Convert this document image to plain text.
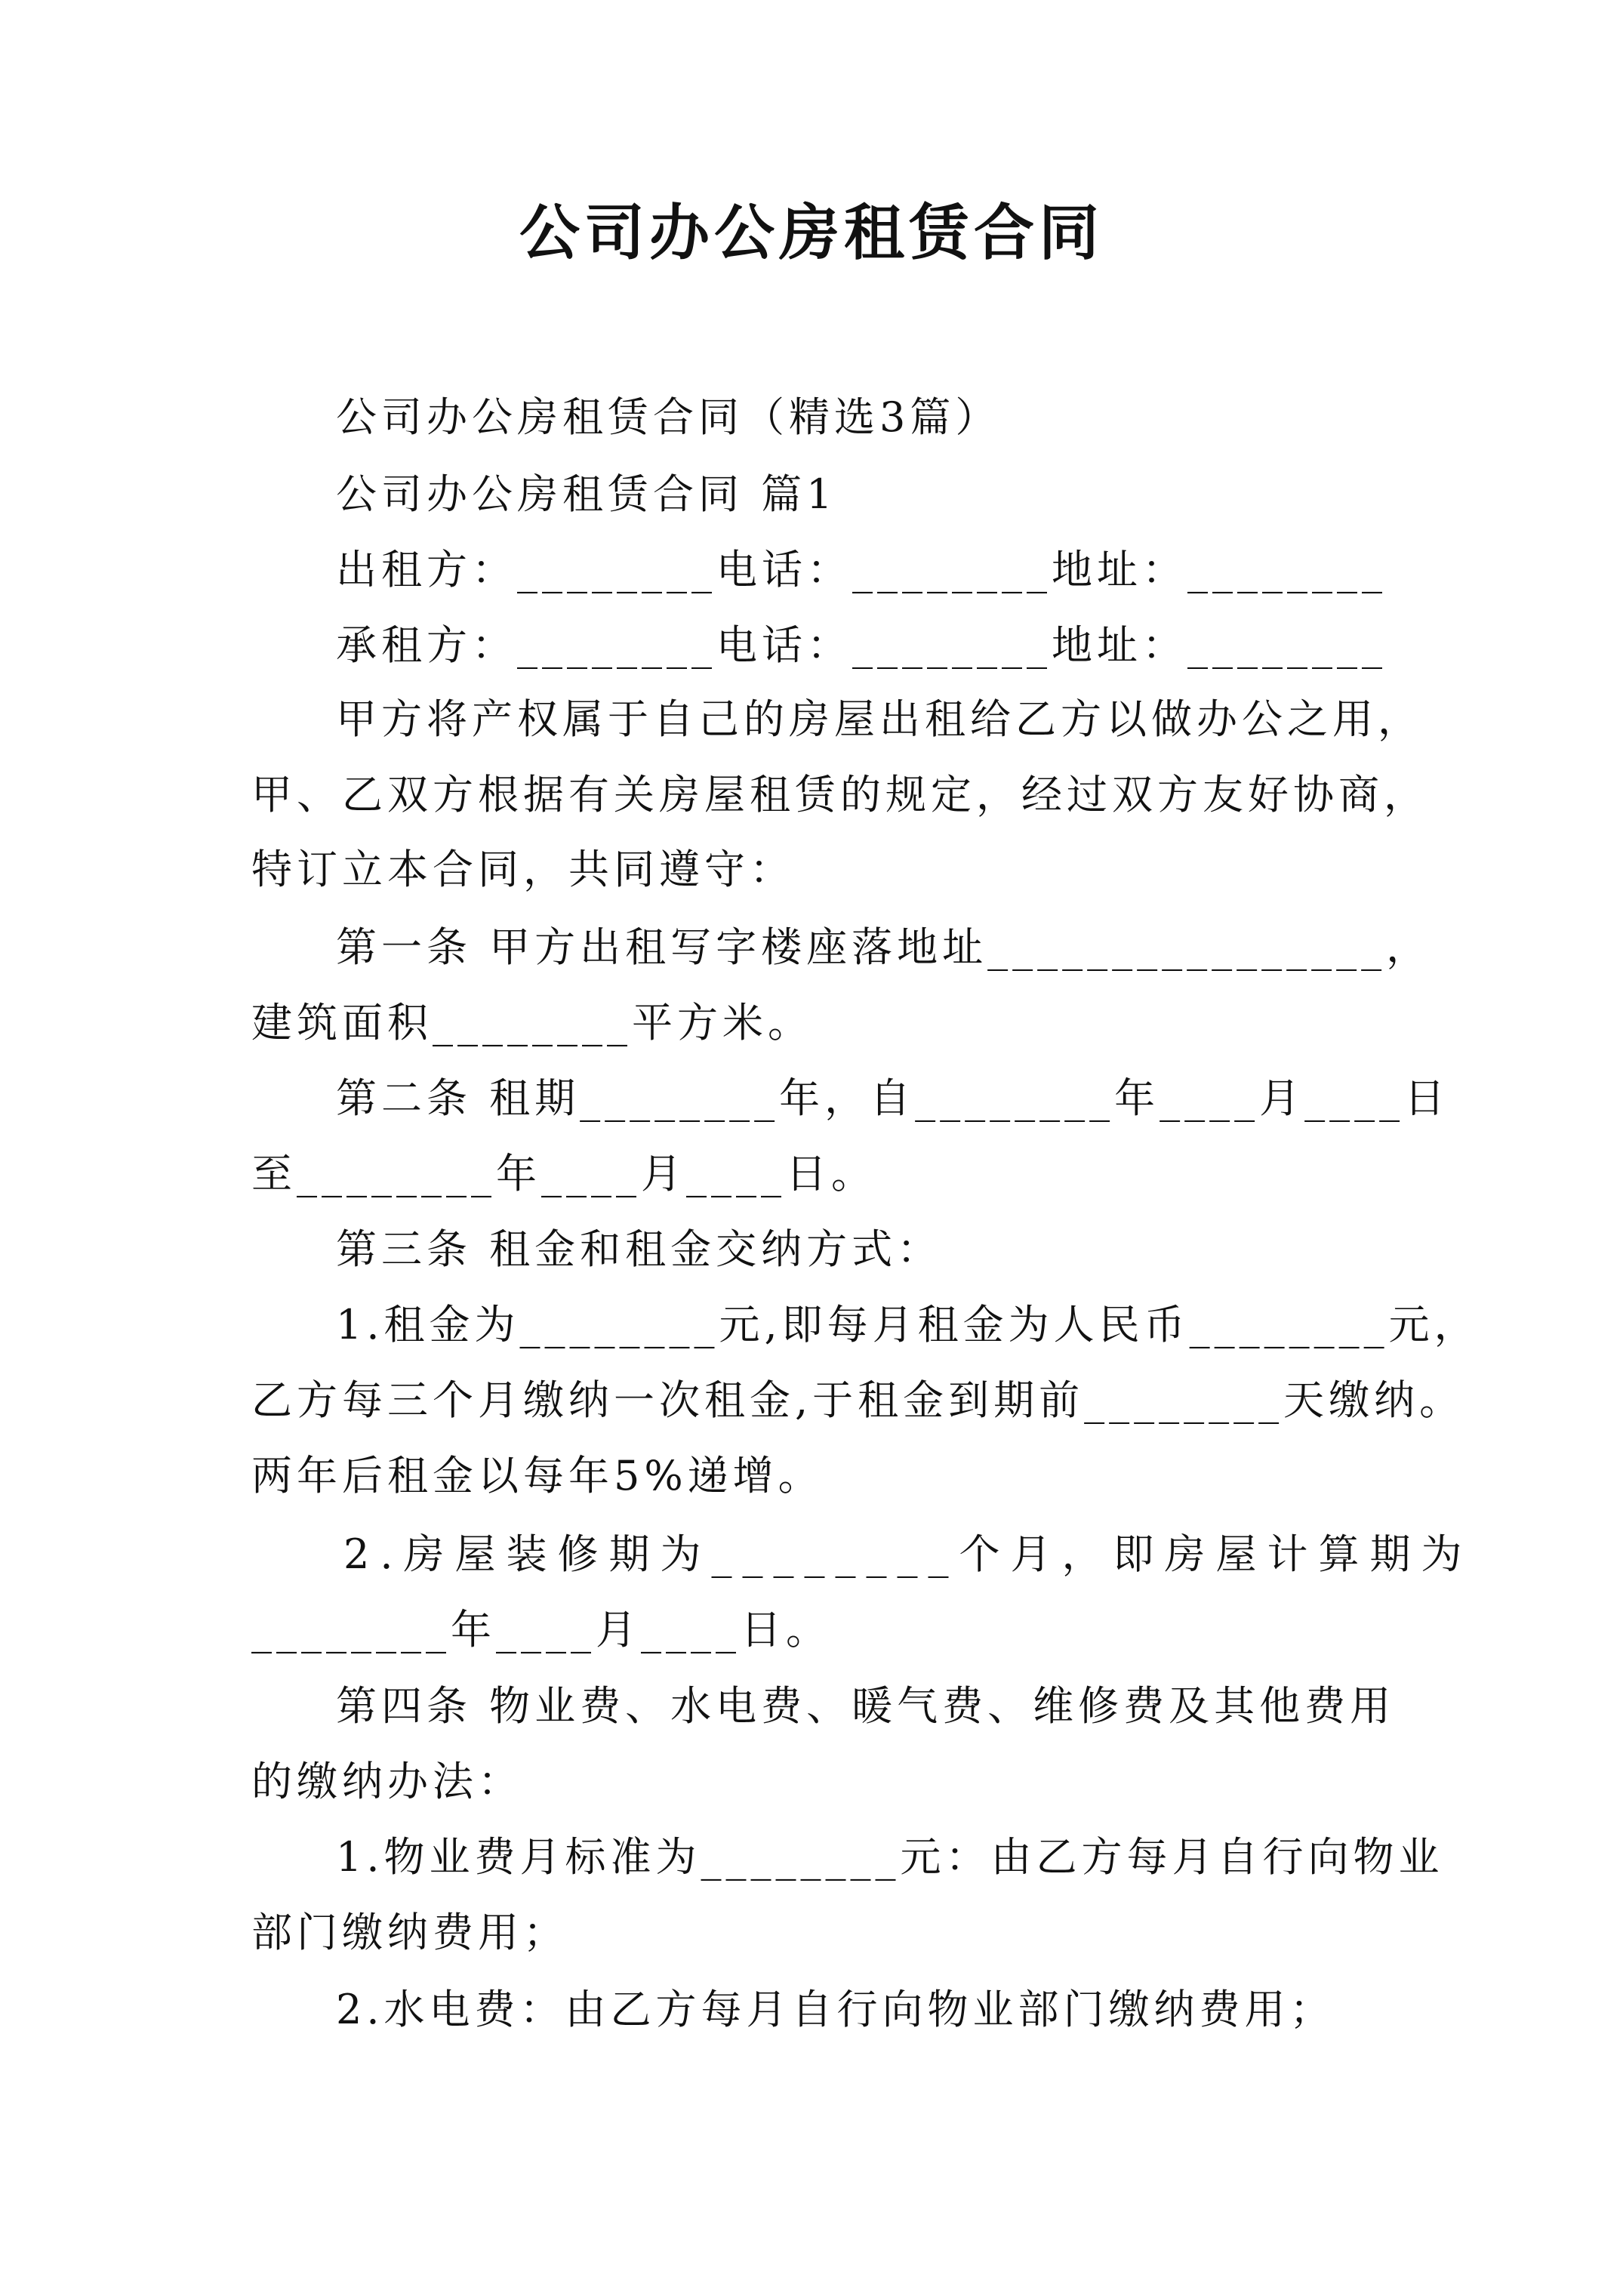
公司办公房租赁合同
公司办公房租赁合同（精选3篇）
公司办公房租赁合同 篇1
出租方：________电话：________地址：________
承租方：________电话：________地址：________
甲方将产权属于自己的房屋出租给乙方以做办公之用，
甲、乙双方根据有关房屋租赁的规定，经过双方友好协商，
特订立本合同，共同遵守：
第一条 甲方出租写字楼座落地址________________，
建筑面积________平方米。
第二条 租期________年，自________年____月____日
至________年____月____日。
第三条 租金和租金交纳方式：
1.租金为________元,即每月租金为人民币________元，
乙方每三个月缴纳一次租金,于租金到期前________天缴纳。
两年后租金以每年5%递增。
2.房屋装修期为________个月，即房屋计算期为
________年____月____日。
第四条 物业费、水电费、暖气费、维修费及其他费用
的缴纳办法：
1.物业费月标准为________元：由乙方每月自行向物业
部门缴纳费用；
2.水电费：由乙方每月自行向物业部门缴纳费用；
